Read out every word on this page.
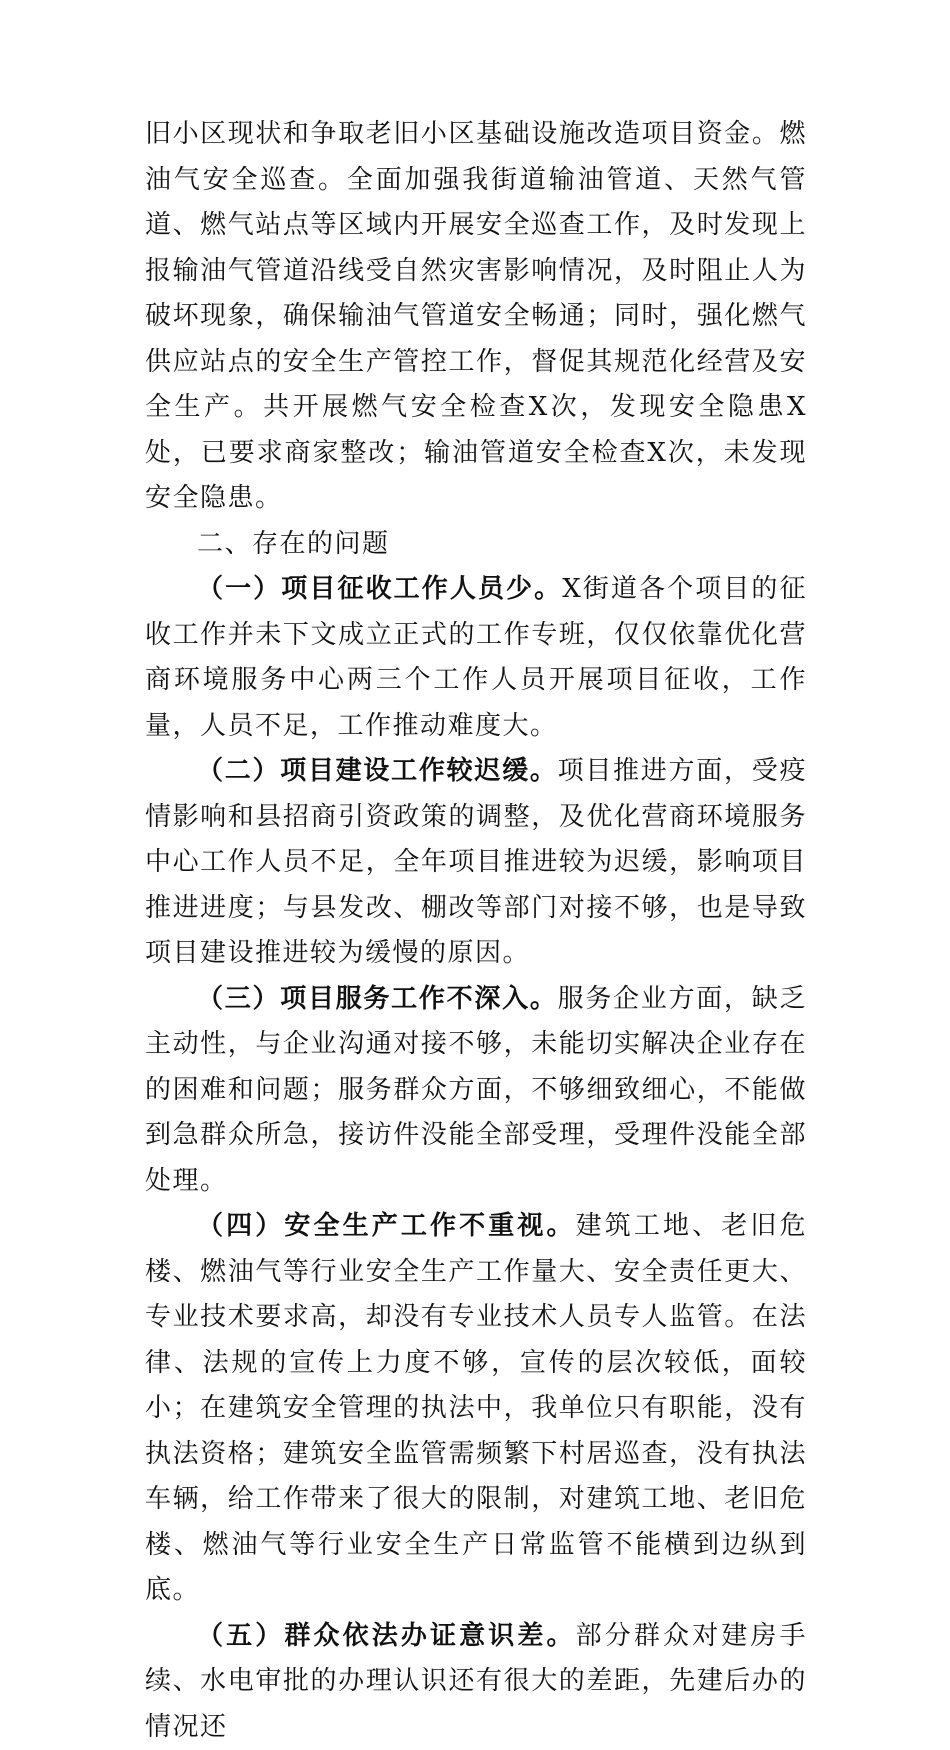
旧小区现状和争取老旧小区基础设施改造项目资金。燃油气安全巡查。全面加强我街道输油管道、天然气管道、燃气站点等区域内开展安全巡查工作，及时发现上报输油气管道沿线受自然灾害影响情况，及时阻止人为破坏现象，确保输油气管道安全畅通；同时，强化燃气供应站点的安全生产管控工作，督促其规范化经营及安全生产。共开展燃气安全检查X次，发现安全隐患X处，已要求商家整改；输油管道安全检查X次，未发现安全隐患。

二、存在的问题

（一）项目征收工作人员少。X街道各个项目的征收工作并未下文成立正式的工作专班，仅仅依靠优化营商环境服务中心两三个工作人员开展项目征收，工作量，人员不足，工作推动难度大。

（二）项目建设工作较迟缓。项目推进方面，受疫情影响和县招商引资政策的调整，及优化营商环境服务中心工作人员不足，全年项目推进较为迟缓，影响项目推进进度；与县发改、棚改等部门对接不够，也是导致项目建设推进较为缓慢的原因。

（三）项目服务工作不深入。服务企业方面，缺乏主动性，与企业沟通对接不够，未能切实解决企业存在的困难和问题；服务群众方面，不够细致细心，不能做到急群众所急，接访件没能全部受理，受理件没能全部处理。

（四）安全生产工作不重视。建筑工地、老旧危楼、燃油气等行业安全生产工作量大、安全责任更大、专业技术要求高，却没有专业技术人员专人监管。在法律、法规的宣传上力度不够，宣传的层次较低，面较小；在建筑安全管理的执法中，我单位只有职能，没有执法资格；建筑安全监管需频繁下村居巡查，没有执法车辆，给工作带来了很大的限制，对建筑工地、老旧危楼、燃油气等行业安全生产日常监管不能横到边纵到底。

（五）群众依法办证意识差。部分群众对建房手续、水电审批的办理认识还有很大的差距，先建后办的情况还
